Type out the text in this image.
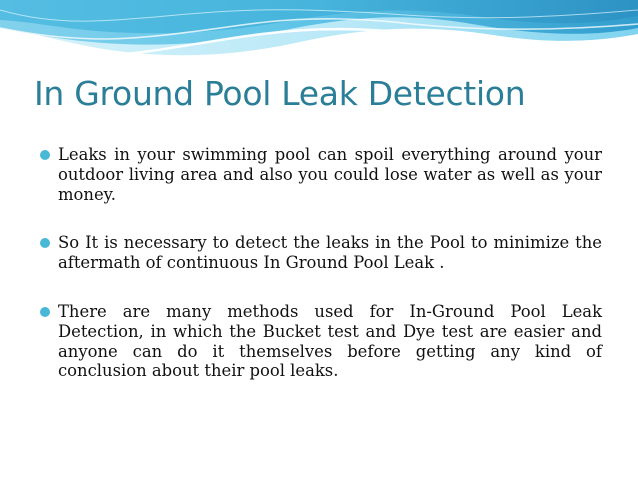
In Ground Pool Leak Detection
Leaks in your swimming pool can spoil everything around your outdoor living area and also you could lose water as well as your money.
So It is necessary to detect the leaks in the Pool to minimize the aftermath of continuous In Ground Pool Leak .
There are many methods used for In-Ground Pool Leak Detection, in which the Bucket test and Dye test are easier and anyone can do it themselves before getting any kind of conclusion about their pool leaks.
